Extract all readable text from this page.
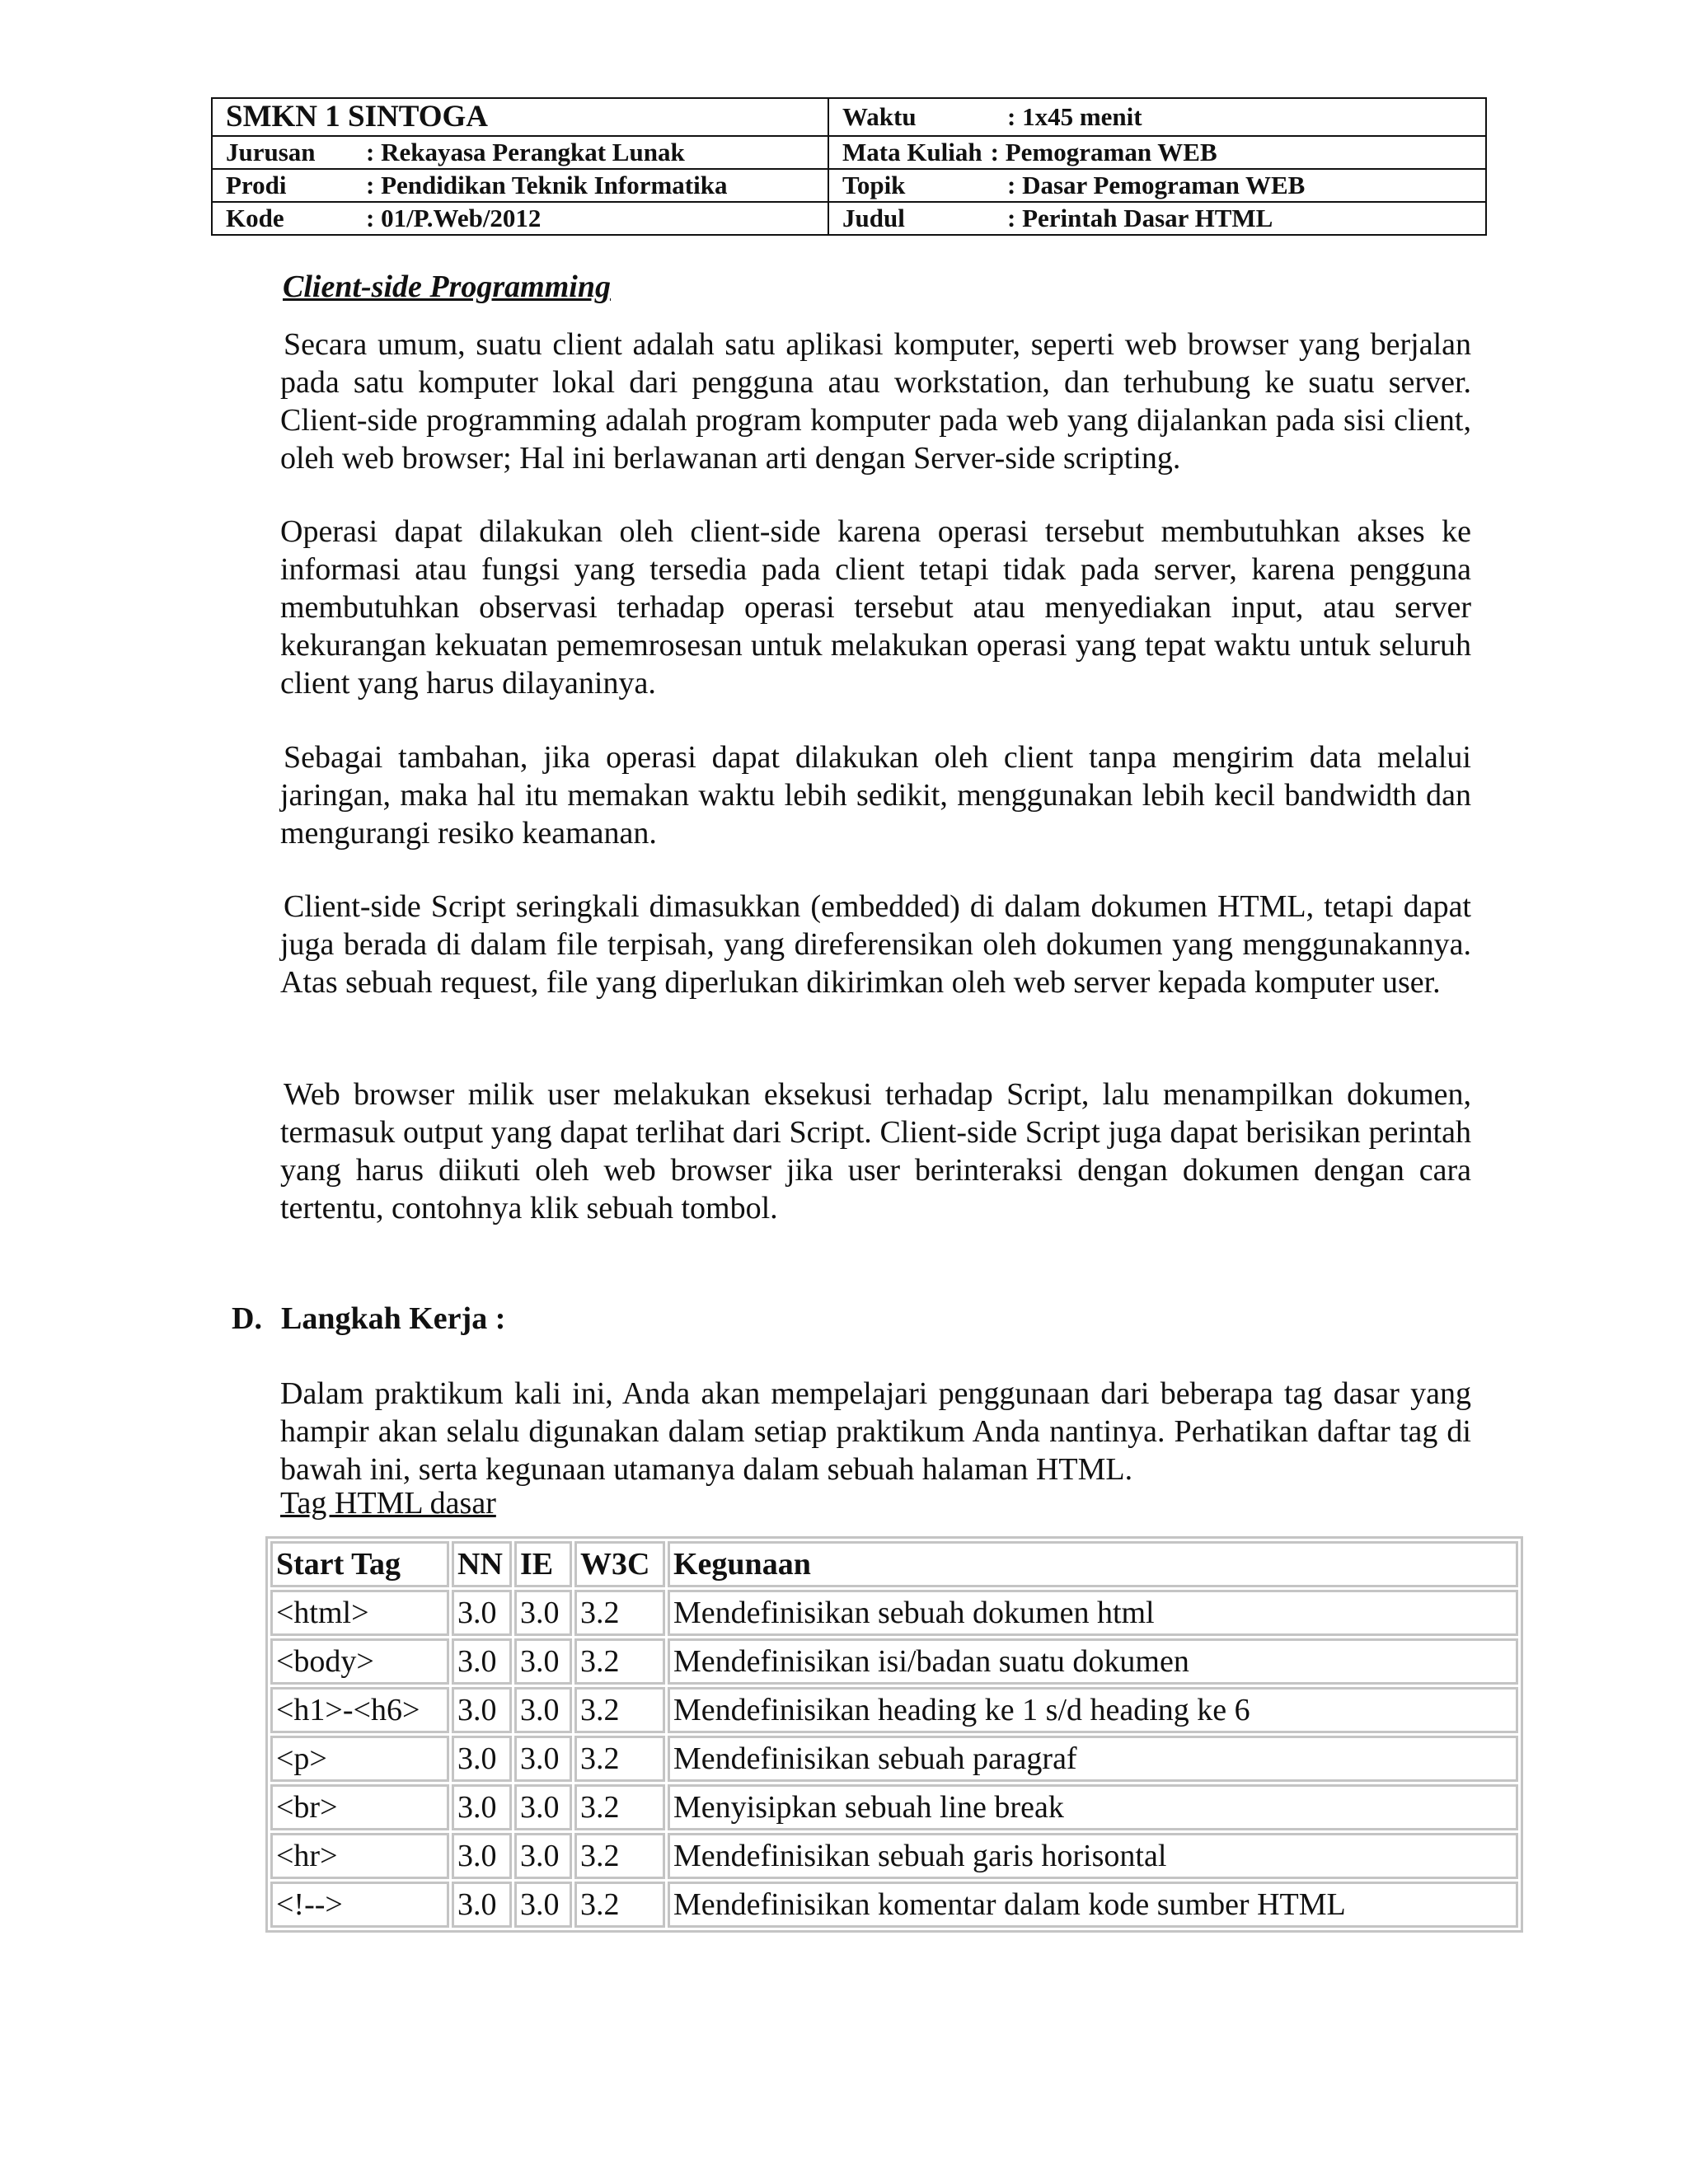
SMKN 1 SINTOGA	Waktu : 1x45 menit
Jurusan : Rekayasa Perangkat Lunak	Mata Kuliah : Pemograman WEB
Prodi : Pendidikan Teknik Informatika	Topik : Dasar Pemograman WEB
Kode : 01/P.Web/2012	Judul : Perintah Dasar HTML
Client-side Programming

Secara umum, suatu client adalah satu aplikasi komputer, seperti web browser yang berjalan pada satu komputer lokal dari pengguna atau workstation, dan terhubung ke suatu server. Client-side programming adalah program komputer pada web yang dijalankan pada sisi client, oleh web browser; Hal ini berlawanan arti dengan Server-side scripting.

Operasi dapat dilakukan oleh client-side karena operasi tersebut membutuhkan akses ke informasi atau fungsi yang tersedia pada client tetapi tidak pada server, karena pengguna membutuhkan observasi terhadap operasi tersebut atau menyediakan input, atau server kekurangan kekuatan pememrosesan untuk melakukan operasi yang tepat waktu untuk seluruh client yang harus dilayaninya.

Sebagai tambahan, jika operasi dapat dilakukan oleh client tanpa mengirim data melalui jaringan, maka hal itu memakan waktu lebih sedikit, menggunakan lebih kecil bandwidth dan mengurangi resiko keamanan.

Client-side Script seringkali dimasukkan (embedded) di dalam dokumen HTML, tetapi dapat juga berada di dalam file terpisah, yang direferensikan oleh dokumen yang menggunakannya. Atas sebuah request, file yang diperlukan dikirimkan oleh web server kepada komputer user.

Web browser milik user melakukan eksekusi terhadap Script, lalu menampilkan dokumen, termasuk output yang dapat terlihat dari Script. Client-side Script juga dapat berisikan perintah yang harus diikuti oleh web browser jika user berinteraksi dengan dokumen dengan cara tertentu, contohnya klik sebuah tombol.

D. Langkah Kerja :

Dalam praktikum kali ini, Anda akan mempelajari penggunaan dari beberapa tag dasar yang hampir akan selalu digunakan dalam setiap praktikum Anda nantinya. Perhatikan daftar tag di bawah ini, serta kegunaan utamanya dalam sebuah halaman HTML.

Tag HTML dasar
Start Tag	NN	IE	W3C	Kegunaan
<html>	3.0	3.0	3.2	Mendefinisikan sebuah dokumen html
<body>	3.0	3.0	3.2	Mendefinisikan isi/badan suatu dokumen
<h1>-<h6>	3.0	3.0	3.2	Mendefinisikan heading ke 1 s/d heading ke 6
<p>	3.0	3.0	3.2	Mendefinisikan sebuah paragraf
<br>	3.0	3.0	3.2	Menyisipkan sebuah line break
<hr>	3.0	3.0	3.2	Mendefinisikan sebuah garis horisontal
<!-->	3.0	3.0	3.2	Mendefinisikan komentar dalam kode sumber HTML
